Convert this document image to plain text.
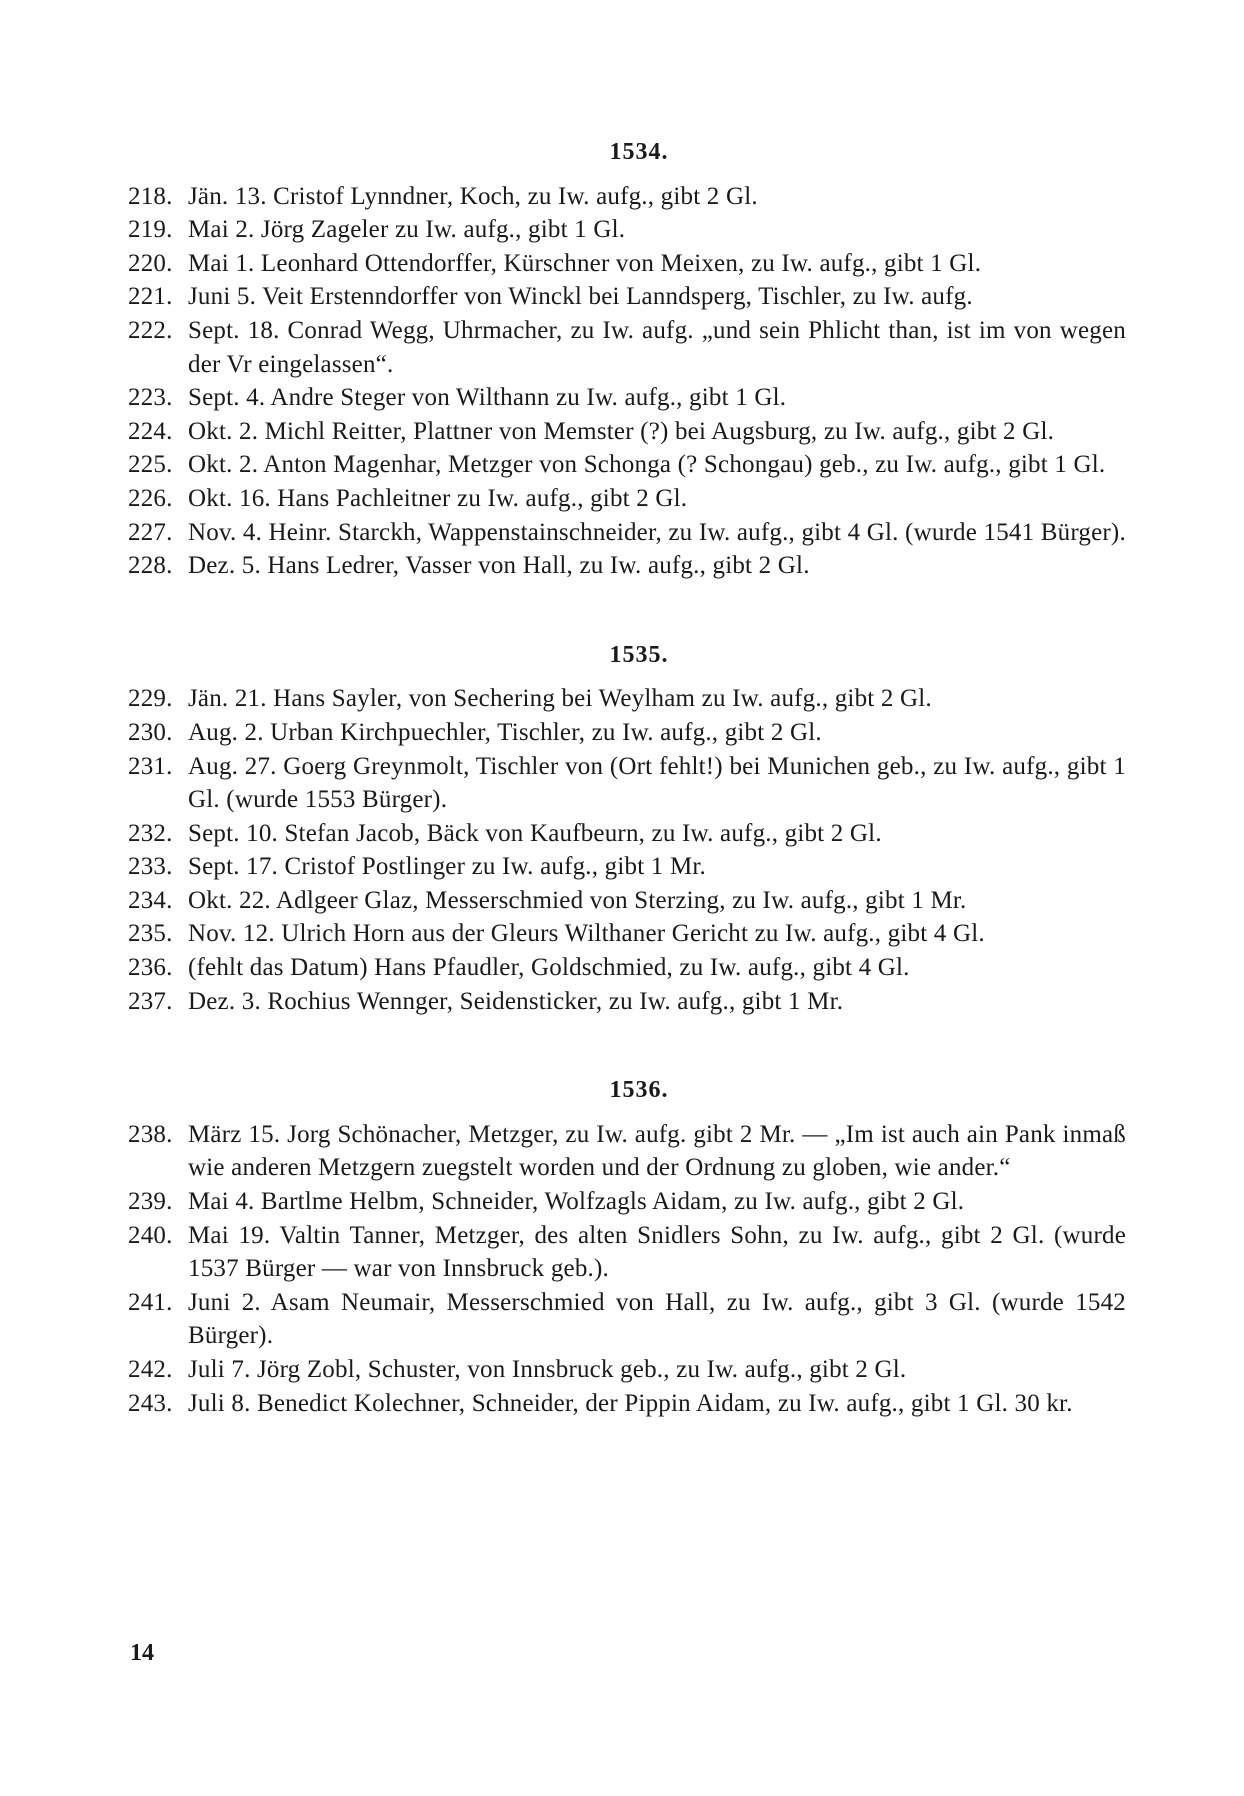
1534.
218. Jän. 13. Cristof Lynndner, Koch, zu Iw. aufg., gibt 2 Gl.
219. Mai 2. Jörg Zageler zu Iw. aufg., gibt 1 Gl.
220. Mai 1. Leonhard Ottendorffer, Kürschner von Meixen, zu Iw. aufg., gibt 1 Gl.
221. Juni 5. Veit Erstenndorffer von Winckl bei Lanndsperg, Tischler, zu Iw. aufg.
222. Sept. 18. Conrad Wegg, Uhrmacher, zu Iw. aufg. „und sein Phlicht than, ist im von wegen der Vr eingelassen“.
223. Sept. 4. Andre Steger von Wilthann zu Iw. aufg., gibt 1 Gl.
224. Okt. 2. Michl Reitter, Plattner von Memster (?) bei Augsburg, zu Iw. aufg., gibt 2 Gl.
225. Okt. 2. Anton Magenhar, Metzger von Schonga (? Schongau) geb., zu Iw. aufg., gibt 1 Gl.
226. Okt. 16. Hans Pachleitner zu Iw. aufg., gibt 2 Gl.
227. Nov. 4. Heinr. Starckh, Wappenstainschneider, zu Iw. aufg., gibt 4 Gl. (wurde 1541 Bürger).
228. Dez. 5. Hans Ledrer, Vasser von Hall, zu Iw. aufg., gibt 2 Gl.
1535.
229. Jän. 21. Hans Sayler, von Sechering bei Weylham zu Iw. aufg., gibt 2 Gl.
230. Aug. 2. Urban Kirchpuechler, Tischler, zu Iw. aufg., gibt 2 Gl.
231. Aug. 27. Goerg Greynmolt, Tischler von (Ort fehlt!) bei Munichen geb., zu Iw. aufg., gibt 1 Gl. (wurde 1553 Bürger).
232. Sept. 10. Stefan Jacob, Bäck von Kaufbeurn, zu Iw. aufg., gibt 2 Gl.
233. Sept. 17. Cristof Postlinger zu Iw. aufg., gibt 1 Mr.
234. Okt. 22. Adlgeer Glaz, Messerschmied von Sterzing, zu Iw. aufg., gibt 1 Mr.
235. Nov. 12. Ulrich Horn aus der Gleurs Wilthaner Gericht zu Iw. aufg., gibt 4 Gl.
236. (fehlt das Datum) Hans Pfaudler, Goldschmied, zu Iw. aufg., gibt 4 Gl.
237. Dez. 3. Rochius Wennger, Seidensticker, zu Iw. aufg., gibt 1 Mr.
1536.
238. März 15. Jorg Schönacher, Metzger, zu Iw. aufg. gibt 2 Mr. — „Im ist auch ain Pank inmaß wie anderen Metzgern zuegstelt worden und der Ordnung zu globen, wie ander.“
239. Mai 4. Bartlme Helbm, Schneider, Wolfzagls Aidam, zu Iw. aufg., gibt 2 Gl.
240. Mai 19. Valtin Tanner, Metzger, des alten Snidlers Sohn, zu Iw. aufg., gibt 2 Gl. (wurde 1537 Bürger — war von Innsbruck geb.).
241. Juni 2. Asam Neumair, Messerschmied von Hall, zu Iw. aufg., gibt 3 Gl. (wurde 1542 Bürger).
242. Juli 7. Jörg Zobl, Schuster, von Innsbruck geb., zu Iw. aufg., gibt 2 Gl.
243. Juli 8. Benedict Kolechner, Schneider, der Pippin Aidam, zu Iw. aufg., gibt 1 Gl. 30 kr.
14
